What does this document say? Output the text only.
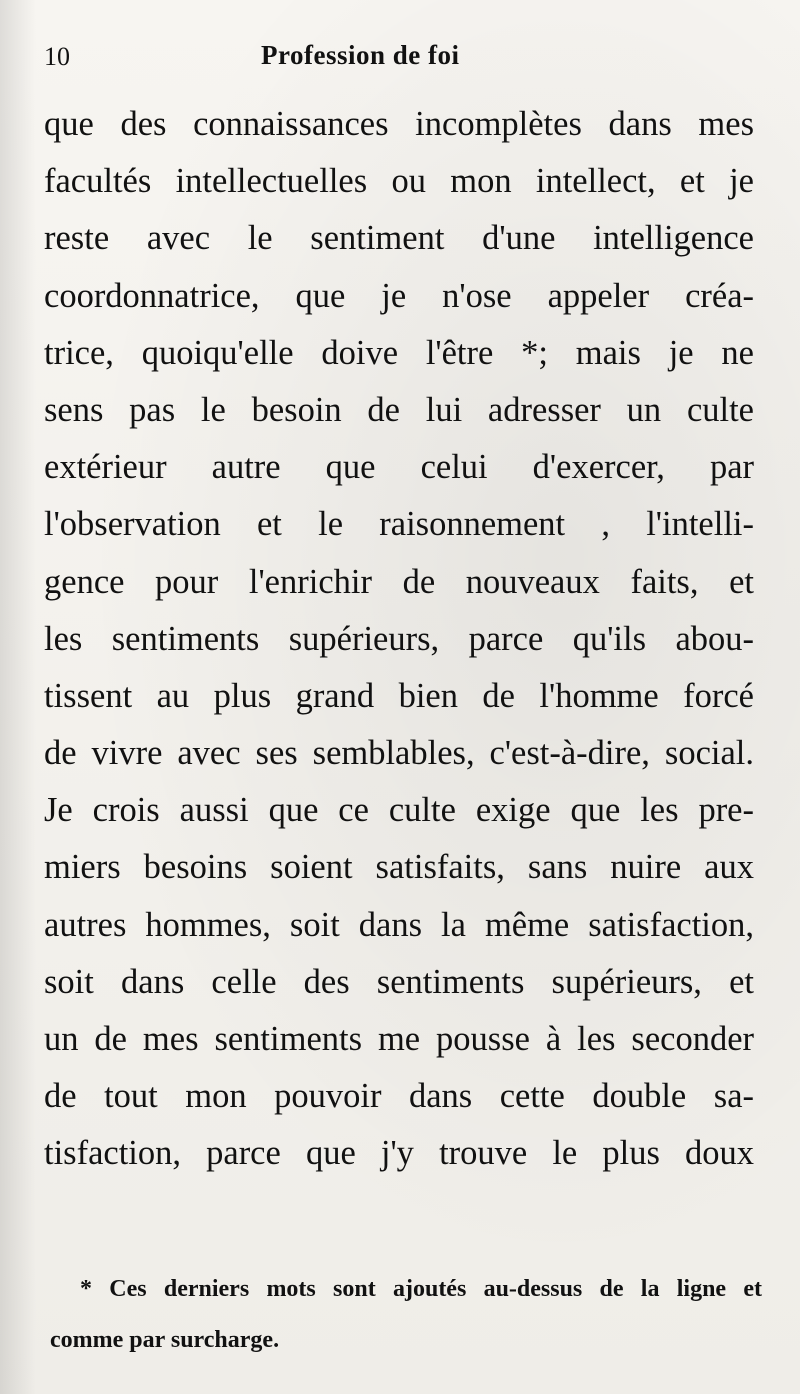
10	Profession de foi
que des connaissances incomplètes dans mes
facultés intellectuelles ou mon intellect, et je
reste avec le sentiment d'une intelligence
coordonnatrice, que je n'ose appeler créa-
trice, quoiqu'elle doive l'être *; mais je ne
sens pas le besoin de lui adresser un culte
extérieur autre que celui d'exercer, par
l'observation et le raisonnement , l'intelli-
gence pour l'enrichir de nouveaux faits, et
les sentiments supérieurs, parce qu'ils abou-
tissent au plus grand bien de l'homme forcé
de vivre avec ses semblables, c'est-à-dire, social.
Je crois aussi que ce culte exige que les pre-
miers besoins soient satisfaits, sans nuire aux
autres hommes, soit dans la même satisfaction,
soit dans celle des sentiments supérieurs, et
un de mes sentiments me pousse à les seconder
de tout mon pouvoir dans cette double sa-
tisfaction, parce que j'y trouve le plus doux
* Ces derniers mots sont ajoutés au-dessus de la ligne et
comme par surcharge.
